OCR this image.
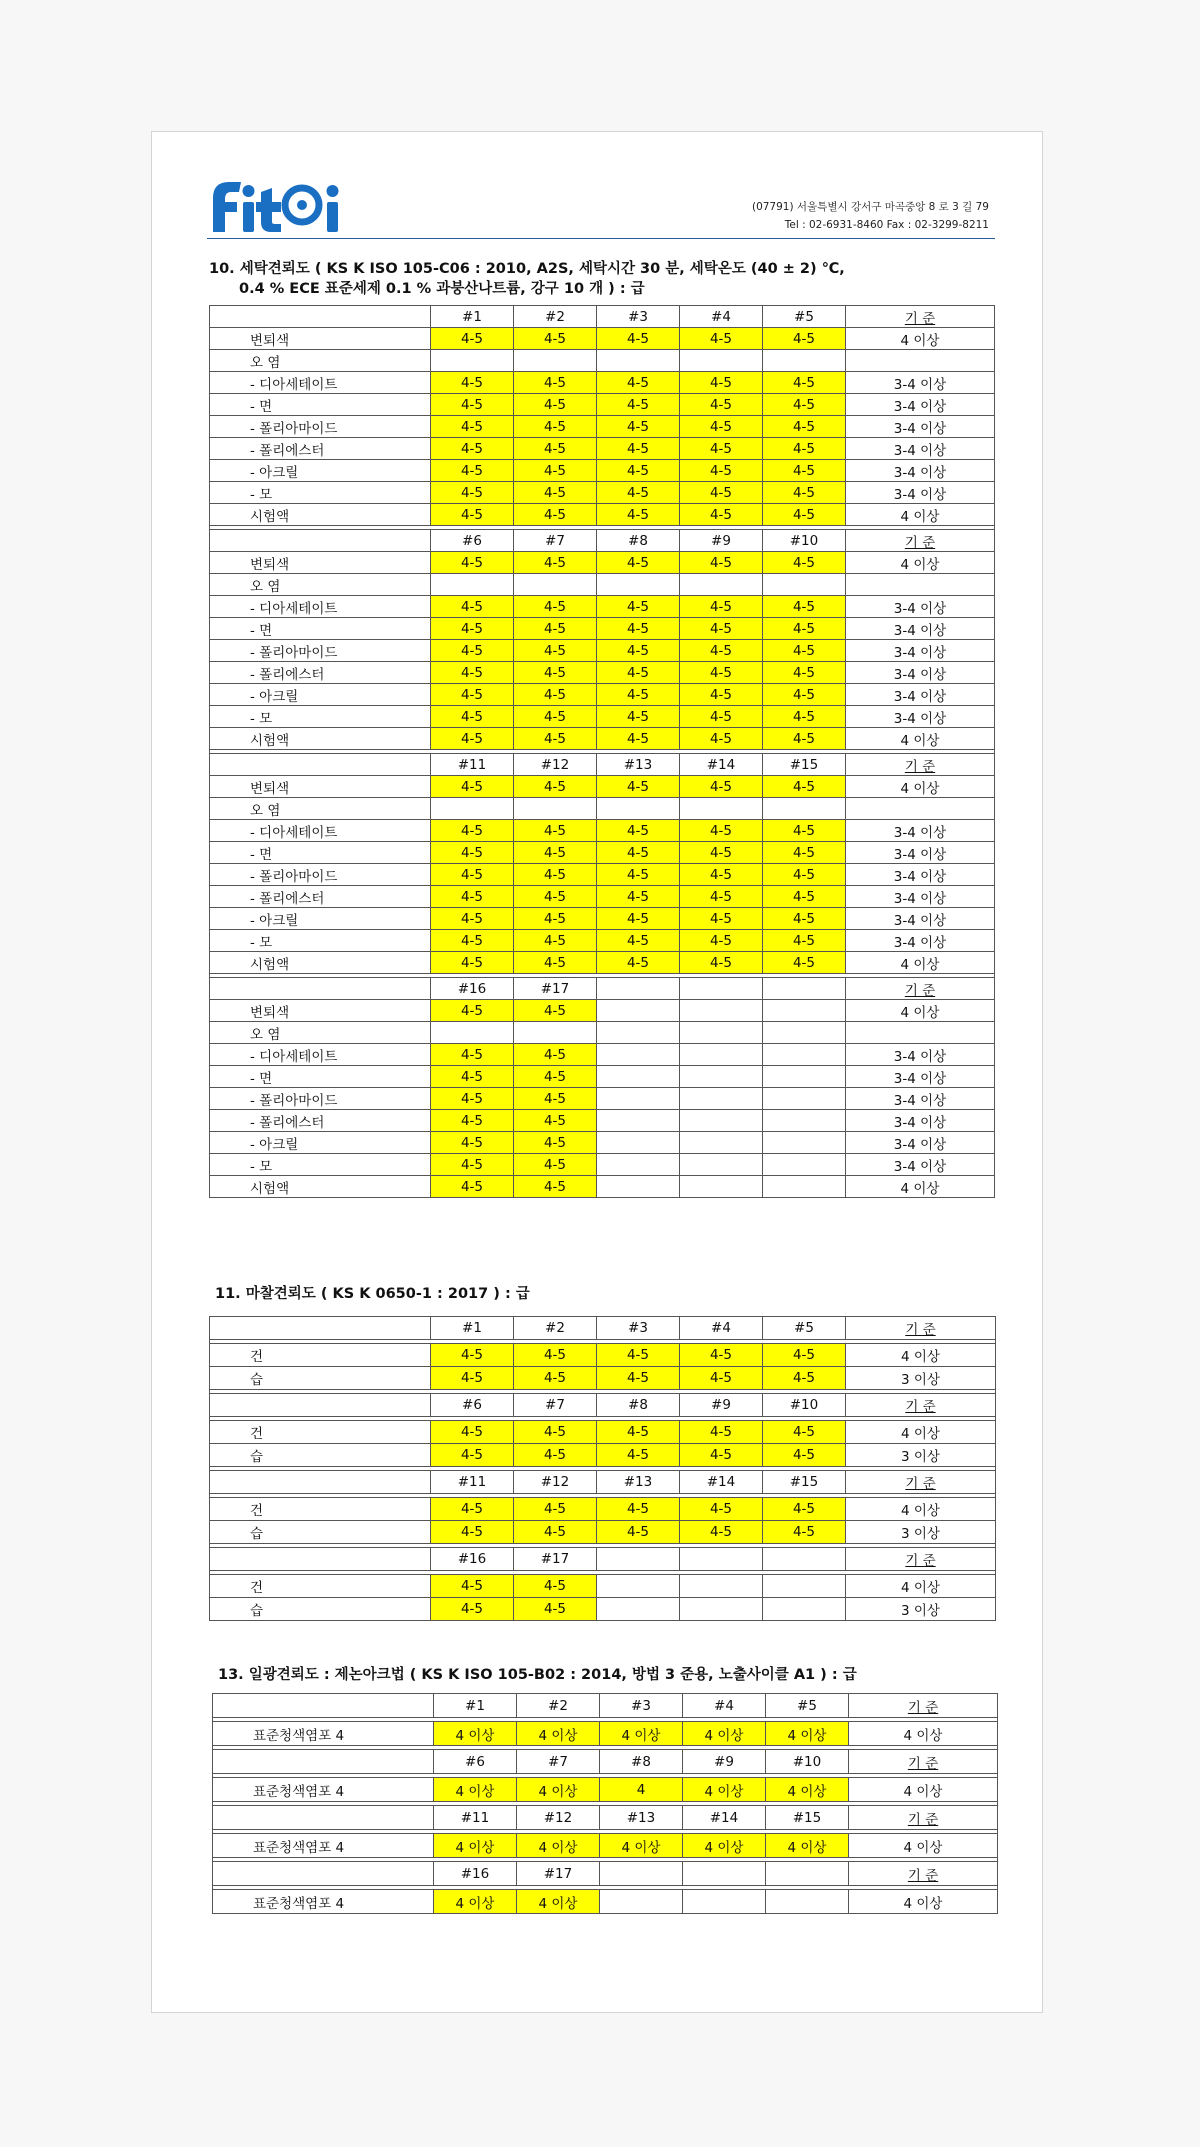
(07791) 서울특별시 강서구 마곡중앙 8 로 3 길 79
Tel : 02-6931-8460 Fax : 02-3299-8211
10. 세탁견뢰도 ( KS K ISO 105-C06 : 2010, A2S, 세탁시간 30 분, 세탁온도 (40 ± 2) ℃,
0.4 % ECE 표준세제 0.1 % 과붕산나트륨, 강구 10 개 ) : 급
	#1	#2	#3	#4	#5	기 준
변퇴색	4-5	4-5	4-5	4-5	4-5	4 이상
오 염						
- 디아세테이트	4-5	4-5	4-5	4-5	4-5	3-4 이상
- 면	4-5	4-5	4-5	4-5	4-5	3-4 이상
- 폴리아마이드	4-5	4-5	4-5	4-5	4-5	3-4 이상
- 폴리에스터	4-5	4-5	4-5	4-5	4-5	3-4 이상
- 아크릴	4-5	4-5	4-5	4-5	4-5	3-4 이상
- 모	4-5	4-5	4-5	4-5	4-5	3-4 이상
시험액	4-5	4-5	4-5	4-5	4-5	4 이상

	#6	#7	#8	#9	#10	기 준
변퇴색	4-5	4-5	4-5	4-5	4-5	4 이상
오 염						
- 디아세테이트	4-5	4-5	4-5	4-5	4-5	3-4 이상
- 면	4-5	4-5	4-5	4-5	4-5	3-4 이상
- 폴리아마이드	4-5	4-5	4-5	4-5	4-5	3-4 이상
- 폴리에스터	4-5	4-5	4-5	4-5	4-5	3-4 이상
- 아크릴	4-5	4-5	4-5	4-5	4-5	3-4 이상
- 모	4-5	4-5	4-5	4-5	4-5	3-4 이상
시험액	4-5	4-5	4-5	4-5	4-5	4 이상

	#11	#12	#13	#14	#15	기 준
변퇴색	4-5	4-5	4-5	4-5	4-5	4 이상
오 염						
- 디아세테이트	4-5	4-5	4-5	4-5	4-5	3-4 이상
- 면	4-5	4-5	4-5	4-5	4-5	3-4 이상
- 폴리아마이드	4-5	4-5	4-5	4-5	4-5	3-4 이상
- 폴리에스터	4-5	4-5	4-5	4-5	4-5	3-4 이상
- 아크릴	4-5	4-5	4-5	4-5	4-5	3-4 이상
- 모	4-5	4-5	4-5	4-5	4-5	3-4 이상
시험액	4-5	4-5	4-5	4-5	4-5	4 이상

	#16	#17				기 준
변퇴색	4-5	4-5				4 이상
오 염						
- 디아세테이트	4-5	4-5				3-4 이상
- 면	4-5	4-5				3-4 이상
- 폴리아마이드	4-5	4-5				3-4 이상
- 폴리에스터	4-5	4-5				3-4 이상
- 아크릴	4-5	4-5				3-4 이상
- 모	4-5	4-5				3-4 이상
시험액	4-5	4-5				4 이상
11. 마찰견뢰도 ( KS K 0650-1 : 2017 ) : 급
	#1	#2	#3	#4	#5	기 준

건	4-5	4-5	4-5	4-5	4-5	4 이상
습	4-5	4-5	4-5	4-5	4-5	3 이상

	#6	#7	#8	#9	#10	기 준

건	4-5	4-5	4-5	4-5	4-5	4 이상
습	4-5	4-5	4-5	4-5	4-5	3 이상

	#11	#12	#13	#14	#15	기 준

건	4-5	4-5	4-5	4-5	4-5	4 이상
습	4-5	4-5	4-5	4-5	4-5	3 이상

	#16	#17				기 준

건	4-5	4-5				4 이상
습	4-5	4-5				3 이상
13. 일광견뢰도 : 제논아크법 ( KS K ISO 105-B02 : 2014, 방법 3 준용, 노출사이클 A1 ) : 급
	#1	#2	#3	#4	#5	기 준

표준청색염포 4	4 이상	4 이상	4 이상	4 이상	4 이상	4 이상

	#6	#7	#8	#9	#10	기 준

표준청색염포 4	4 이상	4 이상	4	4 이상	4 이상	4 이상

	#11	#12	#13	#14	#15	기 준

표준청색염포 4	4 이상	4 이상	4 이상	4 이상	4 이상	4 이상

	#16	#17				기 준

표준청색염포 4	4 이상	4 이상				4 이상
